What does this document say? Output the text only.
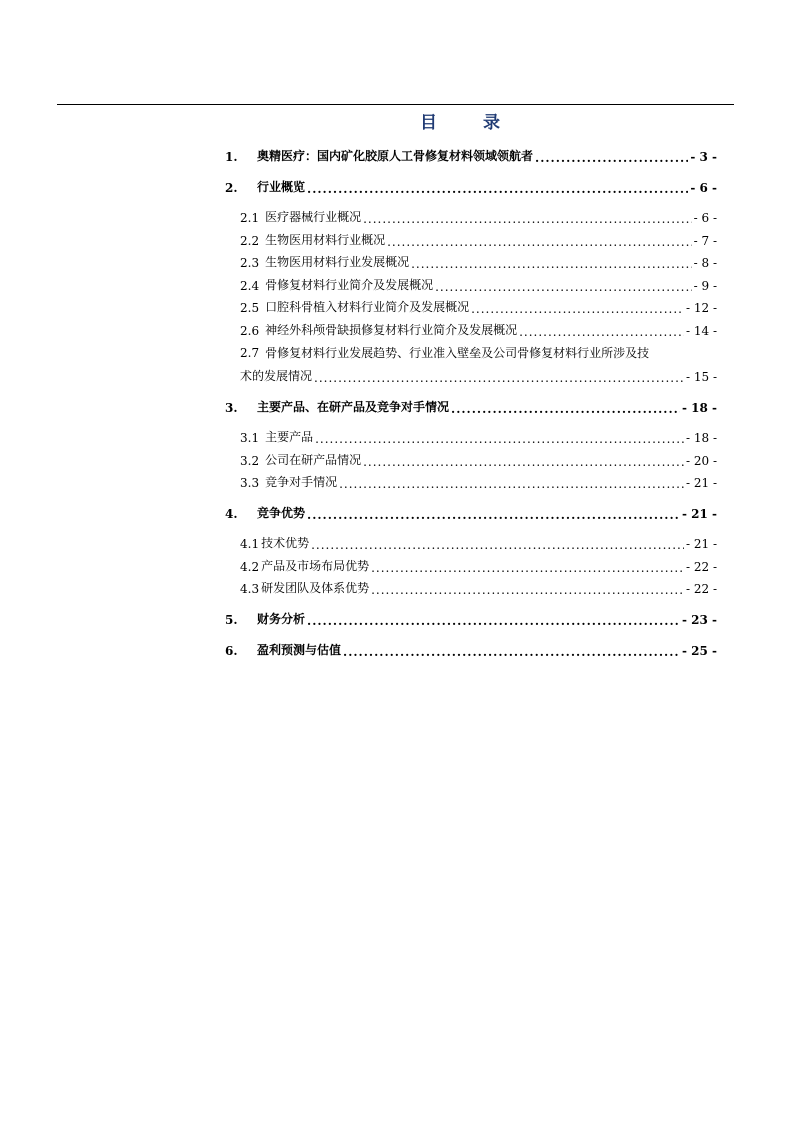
目 录
1.	奥精医疗：国内矿化胶原人工骨修复材料领域领航者 .....	- 3 -
2.	行业概览 .....	- 6 -
2.1 医疗器械行业概况 .....	- 6 -
2.2 生物医用材料行业概况 .....	- 7 -
2.3 生物医用材料行业发展概况 .....	- 8 -
2.4 骨修复材料行业简介及发展概况 .....	- 9 -
2.5 口腔科骨植入材料行业简介及发展概况 .....	- 12 -
2.6 神经外科颅骨缺损修复材料行业简介及发展概况 .....	- 14 -
2.7 骨修复材料行业发展趋势、行业准入壁垒及公司骨修复材料行业所涉及技
术的发展情况 .....	- 15 -
3.	主要产品、在研产品及竞争对手情况 .....	- 18 -
3.1 主要产品 .....	- 18 -
3.2 公司在研产品情况 .....	- 20 -
3.3 竞争对手情况 .....	- 21 -
4.	竞争优势 .....	- 21 -
4.1 技术优势 .....	- 21 -
4.2 产品及市场布局优势 .....	- 22 -
4.3 研发团队及体系优势 .....	- 22 -
5.	财务分析 .....	- 23 -
6.	盈利预测与估值 .....	- 25 -
